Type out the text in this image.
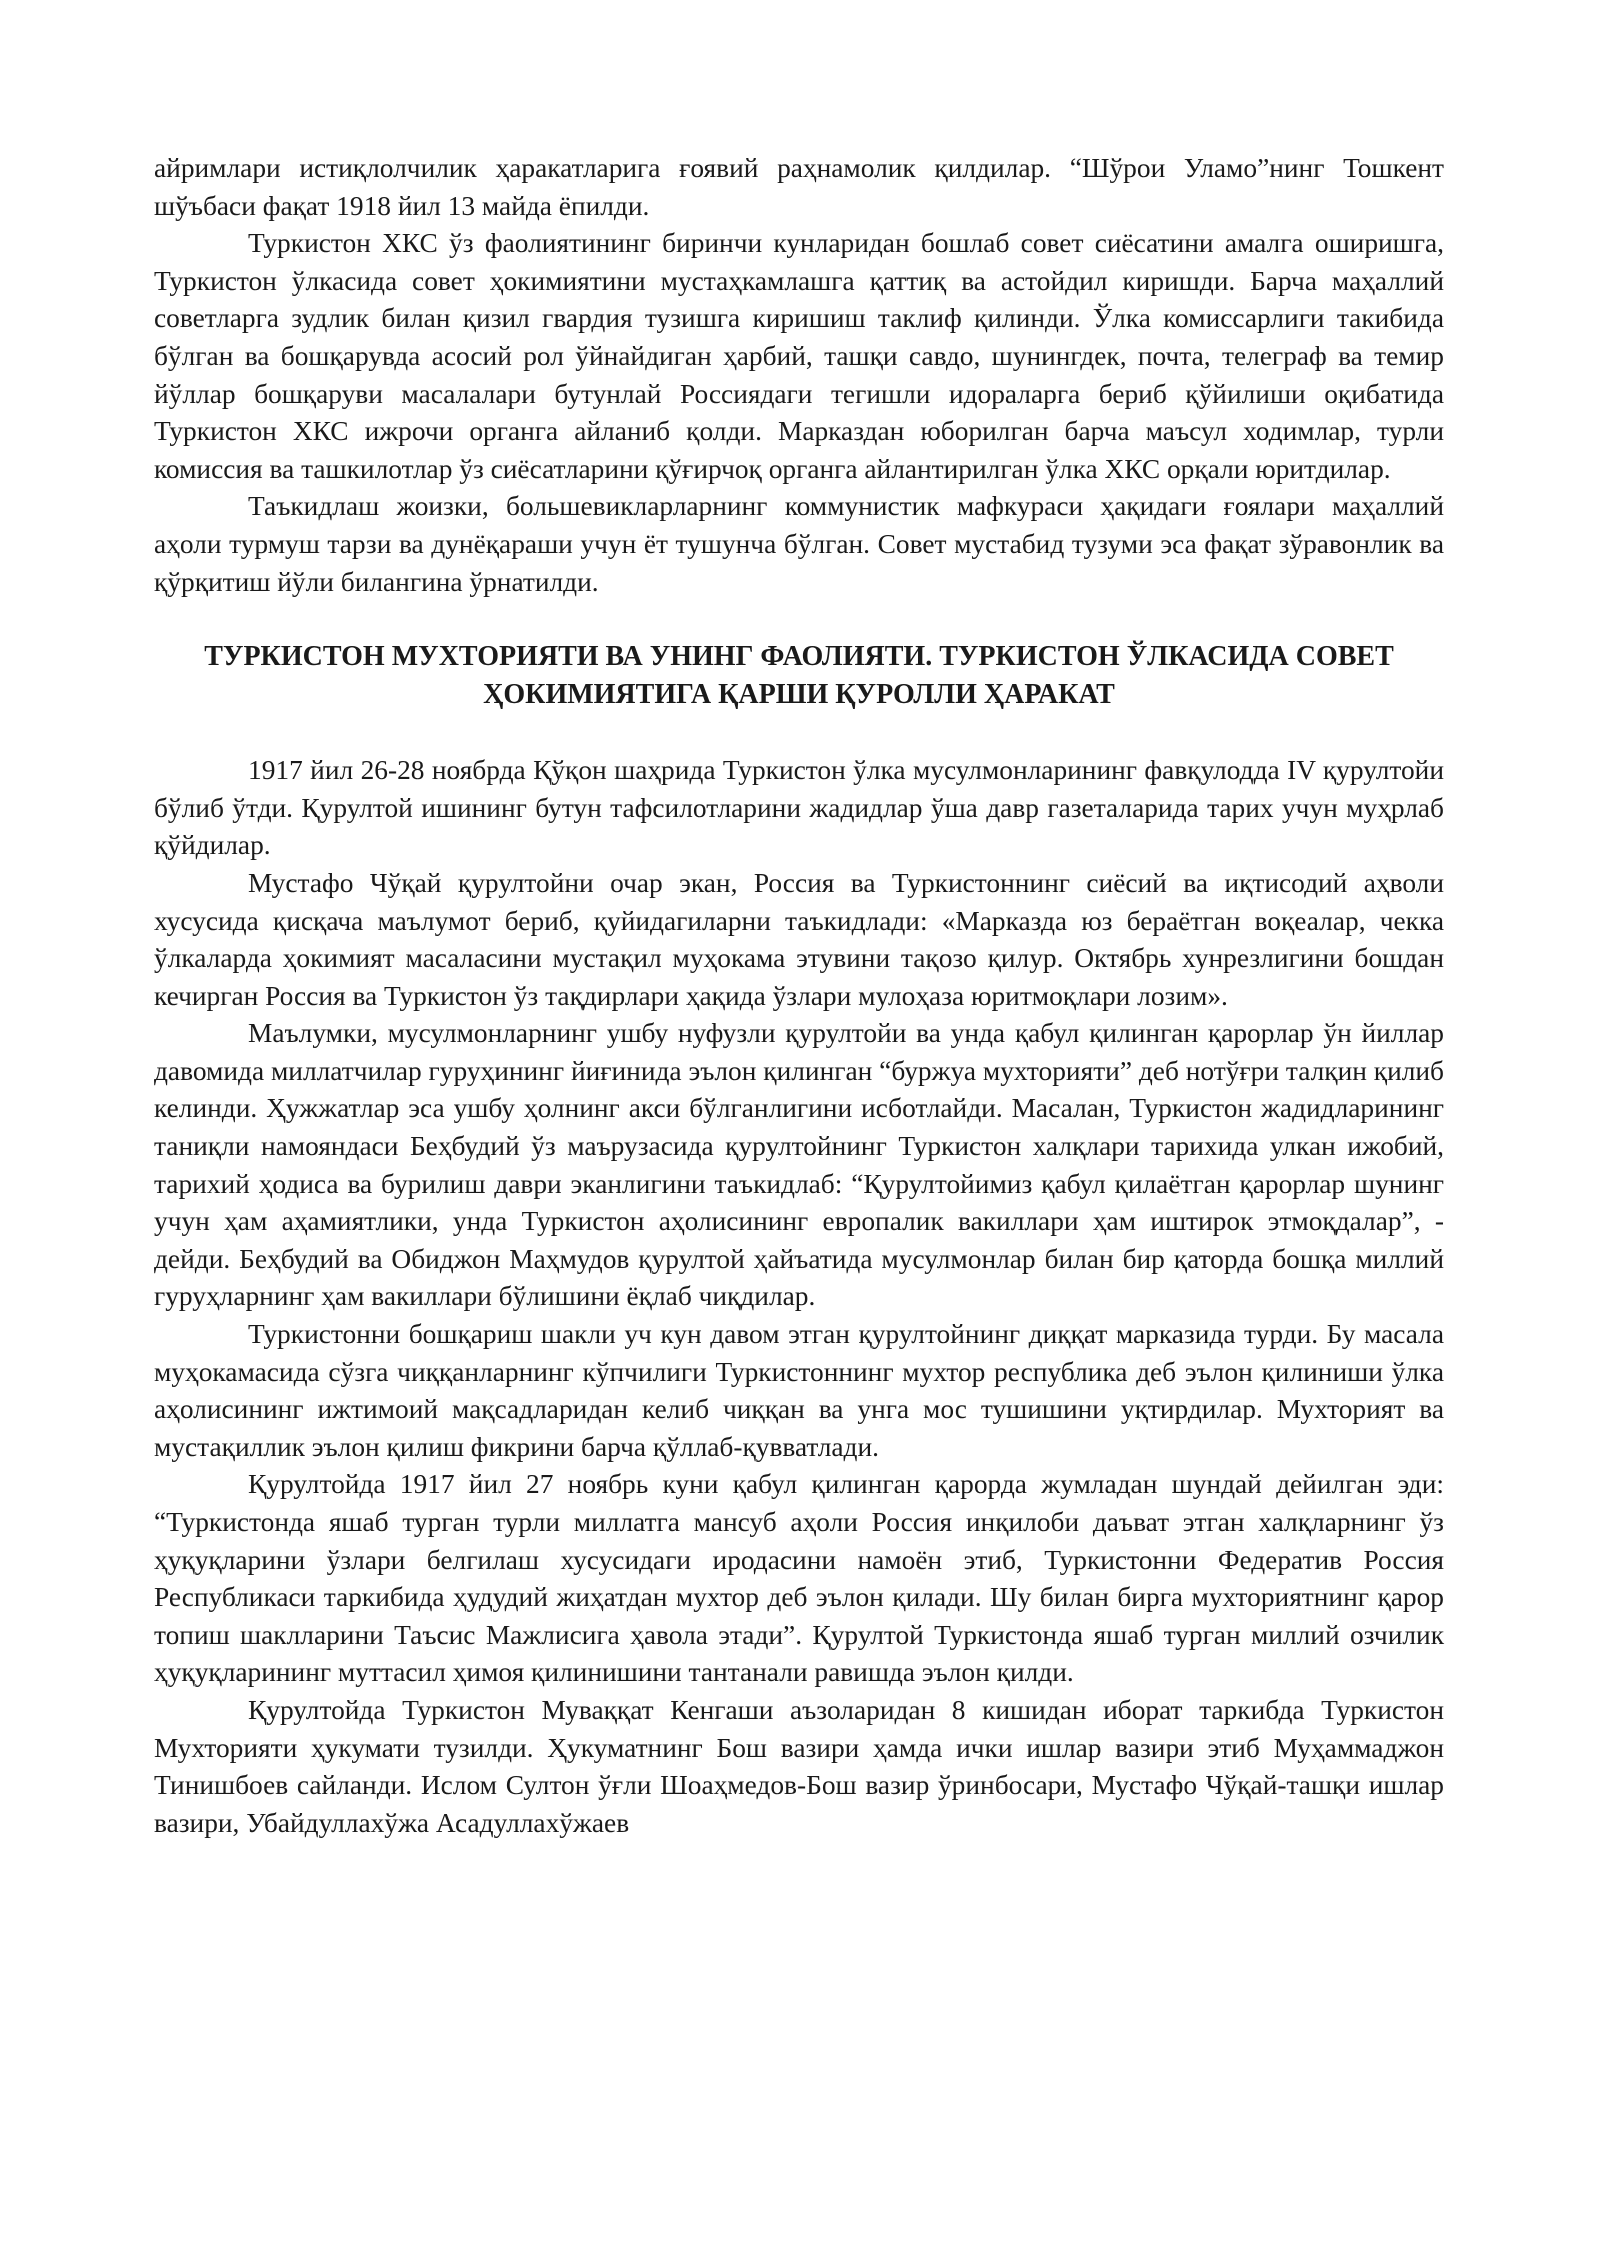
айримлари истиқлолчилик ҳаракатларига ғоявий раҳнамолик қилдилар. “Шўрои Уламо”нинг Тошкент шўъбаси фақат 1918 йил 13 майда ёпилди.

Туркистон ХКС ўз фаолиятининг биринчи кунларидан бошлаб совет сиёсатини амалга оширишга, Туркистон ўлкасида совет ҳокимиятини мустаҳкамлашга қаттиқ ва астойдил киришди. Барча маҳаллий советларга зудлик билан қизил гвардия тузишга киришиш таклиф қилинди. Ўлка комиссарлиги такибида бўлган ва бошқарувда асосий рол ўйнайдиган ҳарбий, ташқи савдо, шунингдек, почта, телеграф ва темир йўллар бошқаруви масалалари бутунлай Россиядаги тегишли идораларга бериб қўйилиши оқибатида Туркистон ХКС ижрочи органга айланиб қолди. Марказдан юборилган барча маъсул ходимлар, турли комиссия ва ташкилотлар ўз сиёсатларини қўғирчоқ органга айлантирилган ўлка ХКС орқали юритдилар.

Таъкидлаш жоизки, большевикларларнинг коммунистик мафкураси ҳақидаги ғоялари маҳаллий аҳоли турмуш тарзи ва дунёқараши учун ёт тушунча бўлган. Совет мустабид тузуми эса фақат зўравонлик ва қўрқитиш йўли билангина ўрнатилди.

ТУРКИСТОН МУХТОРИЯТИ ВА УНИНГ ФАОЛИЯТИ. ТУРКИСТОН ЎЛКАСИДА СОВЕТ ҲОКИМИЯТИГА ҚАРШИ ҚУРОЛЛИ ҲАРАКАТ

1917 йил 26-28 ноябрда Қўқон шаҳрида Туркистон ўлка мусулмонларининг фавқулодда IV қурултойи бўлиб ўтди. Қурултой ишининг бутун тафсилотларини жадидлар ўша давр газеталарида тарих учун муҳрлаб қўйдилар.

Мустафо Чўқай қурултойни очар экан, Россия ва Туркистоннинг сиёсий ва иқтисодий аҳволи хусусида қисқача маълумот бериб, қуйидагиларни таъкидлади: «Марказда юз бераётган воқеалар, чекка ўлкаларда ҳокимият масаласини мустақил муҳокама этувини тақозо қилур. Октябрь хунрезлигини бошдан кечирган Россия ва Туркистон ўз тақдирлари ҳақида ўзлари мулоҳаза юритмоқлари лозим».

Маълумки, мусулмонларнинг ушбу нуфузли қурултойи ва унда қабул қилинган қарорлар ўн йиллар давомида миллатчилар гуруҳининг йиғинида эълон қилинган “буржуа мухторияти” деб нотўғри талқин қилиб келинди. Ҳужжатлар эса ушбу ҳолнинг акси бўлганлигини исботлайди. Масалан, Туркистон жадидларининг таниқли намояндаси Беҳбудий ўз маърузасида қурултойнинг Туркистон халқлари тарихида улкан ижобий, тарихий ҳодиса ва бурилиш даври эканлигини таъкидлаб: “Қурултойимиз қабул қилаётган қарорлар шунинг учун ҳам аҳамиятлики, унда Туркистон аҳолисининг европалик вакиллари ҳам иштирок этмоқдалар”, - дейди. Беҳбудий ва Обиджон Маҳмудов қурултой ҳайъатида мусулмонлар билан бир қаторда бошқа миллий гуруҳларнинг ҳам вакиллари бўлишини ёқлаб чиқдилар.

Туркистонни бошқариш шакли уч кун давом этган қурултойнинг диққат марказида турди. Бу масала муҳокамасида сўзга чиққанларнинг кўпчилиги Туркистоннинг мухтор республика деб эълон қилиниши ўлка аҳолисининг ижтимоий мақсадларидан келиб чиққан ва унга мос тушишини уқтирдилар. Мухторият ва мустақиллик эълон қилиш фикрини барча қўллаб-қувватлади.

Қурултойда 1917 йил 27 ноябрь куни қабул қилинган қарорда жумладан шундай дейилган эди: “Туркистонда яшаб турган турли миллатга мансуб аҳоли Россия инқилоби даъват этган халқларнинг ўз ҳуқуқларини ўзлари белгилаш хусусидаги иродасини намоён этиб, Туркистонни Федератив Россия Республикаси таркибида ҳудудий жиҳатдан мухтор деб эълон қилади. Шу билан бирга мухториятнинг қарор топиш шаклларини Таъсис Мажлисига ҳавола этади”. Қурултой Туркистонда яшаб турган миллий озчилик ҳуқуқларининг муттасил ҳимоя қилинишини тантанали равишда эълон қилди.

Қурултойда Туркистон Муваққат Кенгаши аъзоларидан 8 кишидан иборат таркибда Туркистон Мухторияти ҳукумати тузилди. Ҳукуматнинг Бош вазири ҳамда ички ишлар вазири этиб Муҳаммаджон Тинишбоев сайланди. Ислом Султон ўғли Шоаҳмедов-Бош вазир ўринбосари, Мустафо Чўқай-ташқи ишлар вазири, Убайдуллахўжа Асадуллахўжаев
